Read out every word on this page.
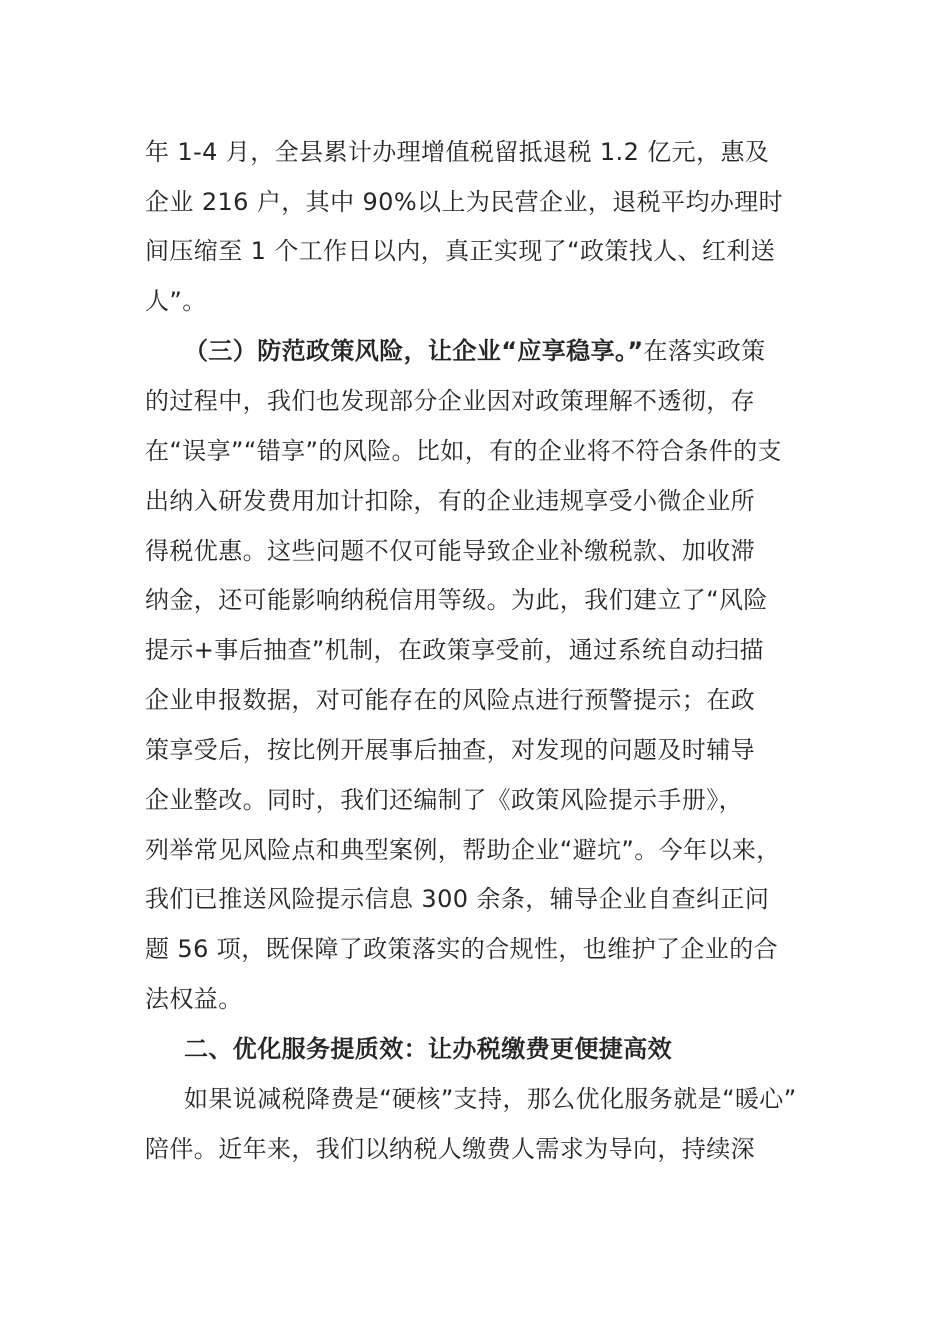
年 1-4 月，全县累计办理增值税留抵退税 1.2 亿元，惠及
企业 216 户，其中 90%以上为民营企业，退税平均办理时
间压缩至 1 个工作日以内，真正实现了“政策找人、红利送
人”。
（三）防范政策风险，让企业“应享稳享。”在落实政策
的过程中，我们也发现部分企业因对政策理解不透彻，存
在“误享”“错享”的风险。比如，有的企业将不符合条件的支
出纳入研发费用加计扣除，有的企业违规享受小微企业所
得税优惠。这些问题不仅可能导致企业补缴税款、加收滞
纳金，还可能影响纳税信用等级。为此，我们建立了“风险
提示+事后抽查”机制，在政策享受前，通过系统自动扫描
企业申报数据，对可能存在的风险点进行预警提示；在政
策享受后，按比例开展事后抽查，对发现的问题及时辅导
企业整改。同时，我们还编制了《政策风险提示手册》，
列举常见风险点和典型案例，帮助企业“避坑”。今年以来，
我们已推送风险提示信息 300 余条，辅导企业自查纠正问
题 56 项，既保障了政策落实的合规性，也维护了企业的合
法权益。
二、优化服务提质效：让办税缴费更便捷高效
如果说减税降费是“硬核”支持，那么优化服务就是“暖心”
陪伴。近年来，我们以纳税人缴费人需求为导向，持续深
